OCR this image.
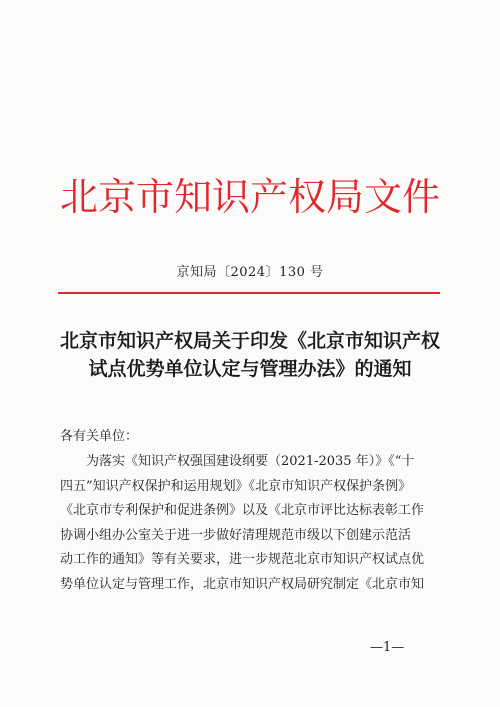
北京市知识产权局文件
京知局〔2024〕130 号
北京市知识产权局关于印发《北京市知识产权
试点优势单位认定与管理办法》的通知
各有关单位：
为落实《知识产权强国建设纲要（2021-2035 年）》《“十
四五”知识产权保护和运用规划》《北京市知识产权保护条例》
《北京市专利保护和促进条例》以及《北京市评比达标表彰工作
协调小组办公室关于进一步做好清理规范市级以下创建示范活
动工作的通知》等有关要求，进一步规范北京市知识产权试点优
势单位认定与管理工作，北京市知识产权局研究制定《北京市知
—1—
